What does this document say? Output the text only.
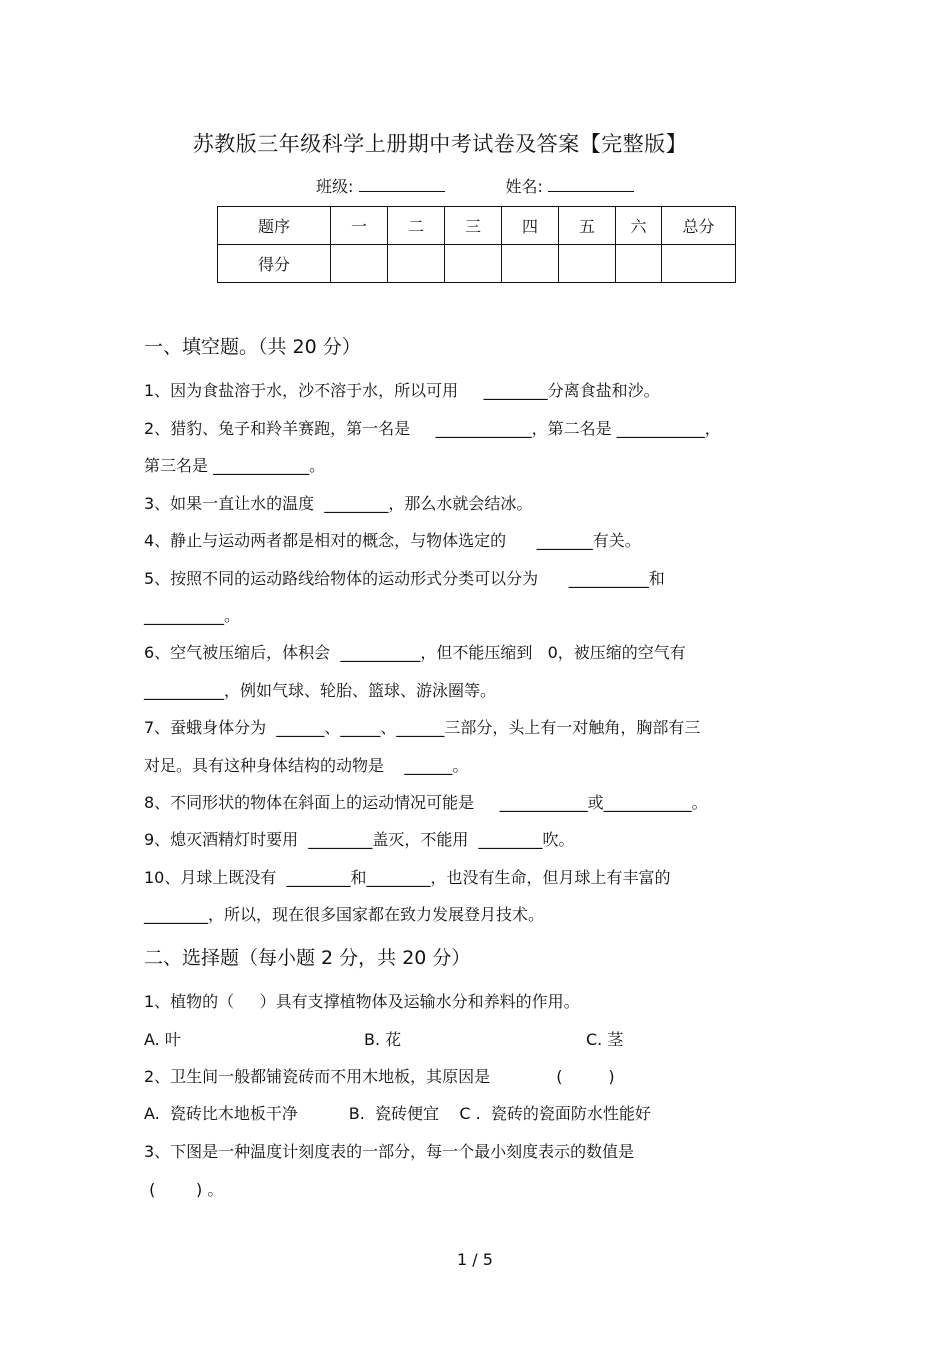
苏教版三年级科学上册期中考试卷及答案【完整版】
班级:	姓名:
题序	一	二	三	四	五	六	总分
得分							
一、填空题。（共 20 分）
1、因为食盐溶于水，沙不溶于水，所以可用     ________分离食盐和沙。
2、猎豹、兔子和羚羊赛跑，第一名是     ____________，第二名是 ___________，
第三名是 ____________。
3、如果一直让水的温度  ________，那么水就会结冰。
4、静止与运动两者都是相对的概念，与物体选定的      _______有关。
5、按照不同的运动路线给物体的运动形式分类可以分为      __________和
__________。
6、空气被压缩后，体积会  __________，但不能压缩到   0，被压缩的空气有
__________，例如气球、轮胎、篮球、游泳圈等。
7、蚕蛾身体分为  ______、_____、______三部分，头上有一对触角，胸部有三
对足。具有这种身体结构的动物是    ______。
8、不同形状的物体在斜面上的运动情况可能是     ___________或___________。
9、熄灭酒精灯时要用  ________盖灭，不能用  ________吹。
10、月球上既没有  ________和________，也没有生命，但月球上有丰富的
________，所以，现在很多国家都在致力发展登月技术。
二、选择题（每小题 2 分，共 20 分）
1、植物的（     ）具有支撑植物体及运输水分和养料的作用。
A. 叶	B. 花	C. 茎
2、卫生间一般都铺瓷砖而不用木地板，其原因是             (         )
A.  瓷砖比木地板干净          B.  瓷砖便宜    C .  瓷砖的瓷面防水性能好
3、下图是一种温度计刻度表的一部分，每一个最小刻度表示的数值是
(        ) 。
1 / 5
